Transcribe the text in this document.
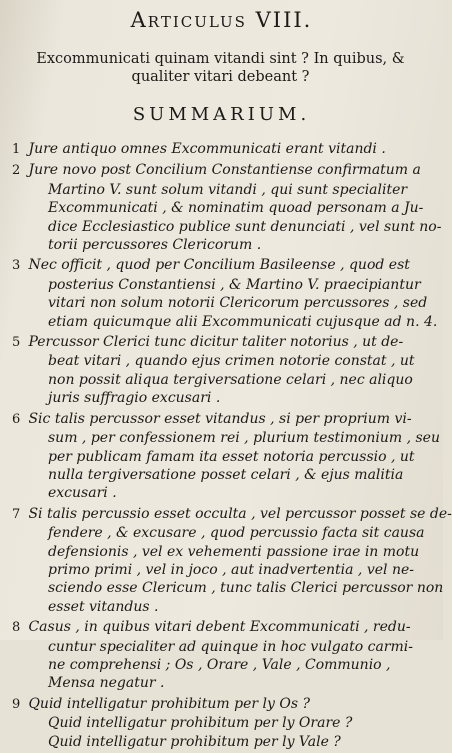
Articulus VIII.
Excommunicati quinam vitandi sint ? In quibus, &
qualiter vitari debeant ?
SUMMARIUM.
1 Jure antiquo omnes Excommunicati erant vitandi .
2 Jure novo post Concilium Constantiense confirmatum a
Martino V. sunt solum vitandi , qui sunt specialiter
Excommunicati , & nominatim quoad personam a Ju-
dice Ecclesiastico publice sunt denunciati , vel sunt no-
torii percussores Clericorum .
3 Nec officit , quod per Concilium Basileense , quod est
posterius Constantiensi , & Martino V. praecipiantur
vitari non solum notorii Clericorum percussores , sed
etiam quicumque alii Excommunicati cujusque ad n. 4.
5 Percussor Clerici tunc dicitur taliter notorius , ut de-
beat vitari , quando ejus crimen notorie constat , ut
non possit aliqua tergiversatione celari , nec aliquo
juris suffragio excusari .
6 Sic talis percussor esset vitandus , si per proprium vi-
sum , per confessionem rei , plurium testimonium , seu
per publicam famam ita esset notoria percussio , ut
nulla tergiversatione posset celari , & ejus malitia
excusari .
7 Si talis percussio esset occulta , vel percussor posset se de-
fendere , & excusare , quod percussio facta sit causa
defensionis , vel ex vehementi passione irae in motu
primo primi , vel in joco , aut inadvertentia , vel ne-
sciendo esse Clericum , tunc talis Clerici percussor non
esset vitandus .
8 Casus , in quibus vitari debent Excommunicati , redu-
cuntur specialiter ad quinque in hoc vulgato carmi-
ne comprehensi ; Os , Orare , Vale , Communio ,
Mensa negatur .
9 Quid intelligatur prohibitum per ly Os ?
Quid intelligatur prohibitum per ly Orare ?
Quid intelligatur prohibitum per ly Vale ?
